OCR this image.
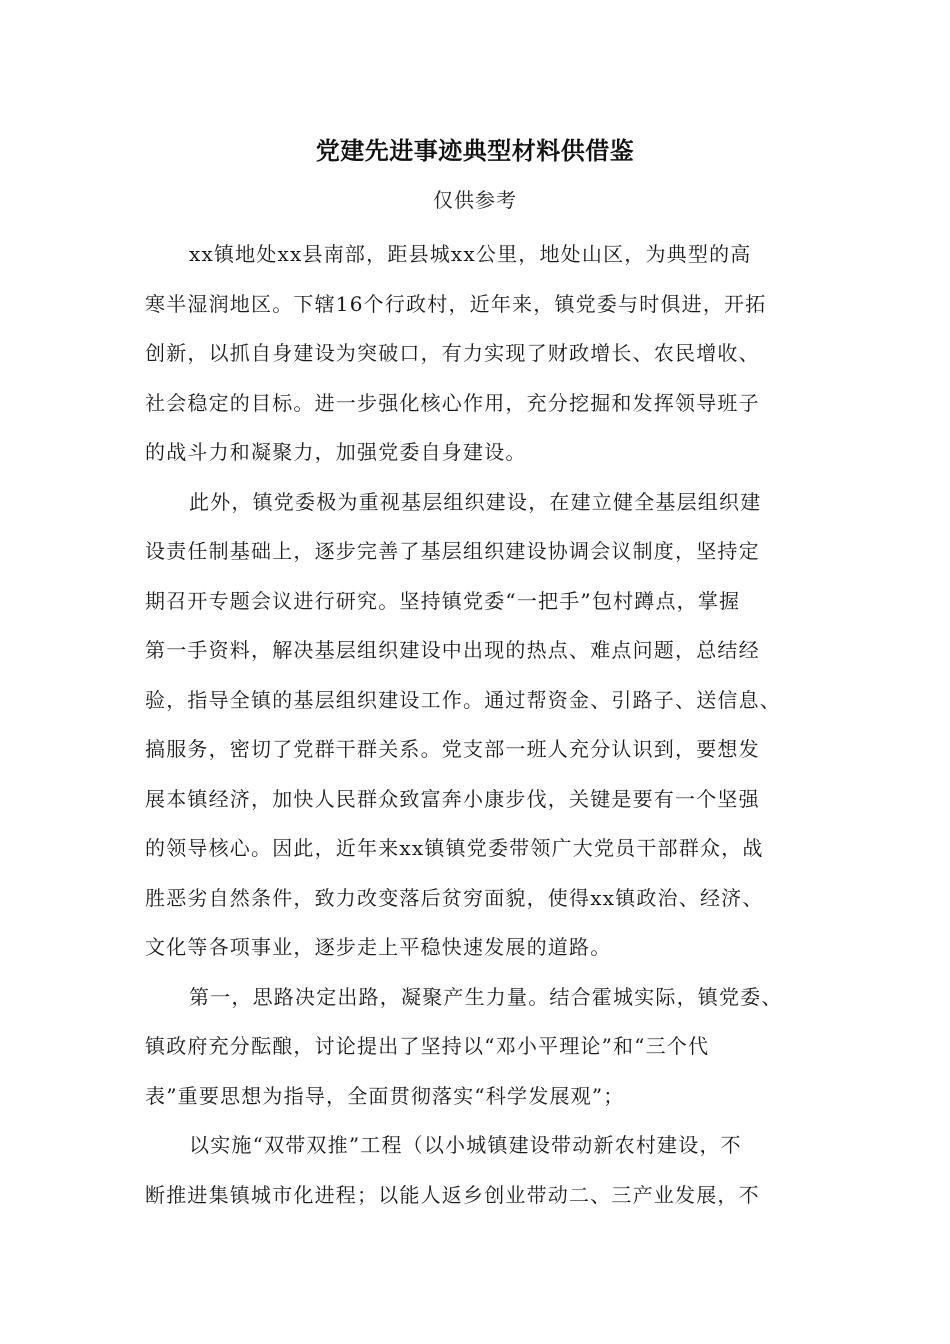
党建先进事迹典型材料供借鉴
仅供参考
xx镇地处xx县南部，距县城xx公里，地处山区，为典型的高
寒半湿润地区。下辖16个行政村，近年来，镇党委与时俱进，开拓
创新，以抓自身建设为突破口，有力实现了财政增长、农民增收、
社会稳定的目标。进一步强化核心作用，充分挖掘和发挥领导班子
的战斗力和凝聚力，加强党委自身建设。
此外，镇党委极为重视基层组织建设，在建立健全基层组织建
设责任制基础上，逐步完善了基层组织建设协调会议制度，坚持定
期召开专题会议进行研究。坚持镇党委“一把手”包村蹲点，掌握
第一手资料，解决基层组织建设中出现的热点、难点问题，总结经
验，指导全镇的基层组织建设工作。通过帮资金、引路子、送信息、
搞服务，密切了党群干群关系。党支部一班人充分认识到，要想发
展本镇经济，加快人民群众致富奔小康步伐，关键是要有一个坚强
的领导核心。因此，近年来xx镇镇党委带领广大党员干部群众，战
胜恶劣自然条件，致力改变落后贫穷面貌，使得xx镇政治、经济、
文化等各项事业，逐步走上平稳快速发展的道路。
第一，思路决定出路，凝聚产生力量。结合霍城实际，镇党委、
镇政府充分酝酿，讨论提出了坚持以“邓小平理论”和“三个代
表”重要思想为指导，全面贯彻落实“科学发展观”；
以实施“双带双推”工程（以小城镇建设带动新农村建设，不
断推进集镇城市化进程；以能人返乡创业带动二、三产业发展，不
